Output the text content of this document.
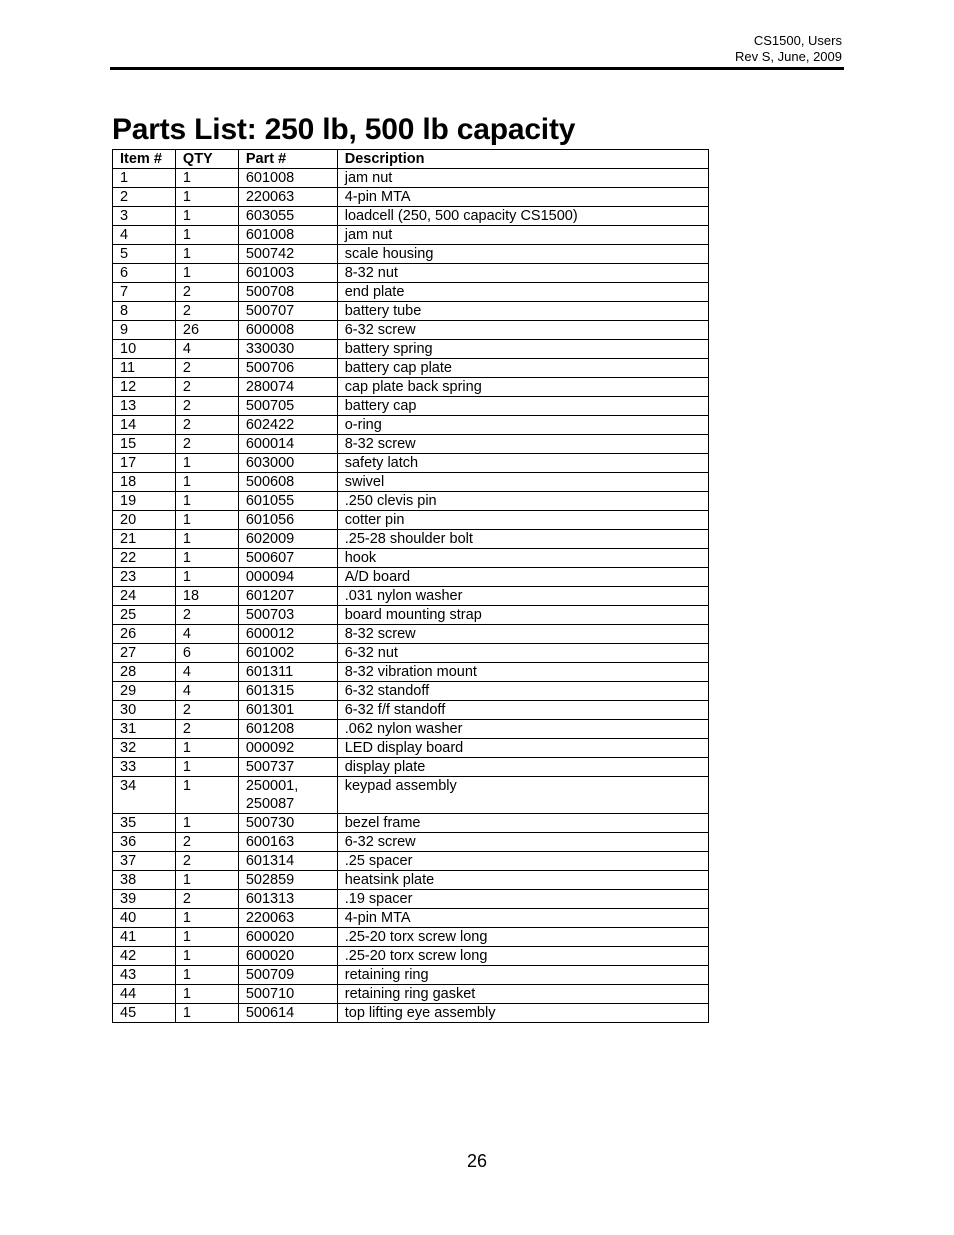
CS1500, Users
Rev S, June, 2009
Parts List: 250 lb, 500 lb capacity
Item #	QTY	Part #	Description
1	1	601008	jam nut
2	1	220063	4-pin MTA
3	1	603055	loadcell (250, 500 capacity CS1500)
4	1	601008	jam nut
5	1	500742	scale housing
6	1	601003	8-32 nut
7	2	500708	end plate
8	2	500707	battery tube
9	26	600008	6-32 screw
10	4	330030	battery spring
11	2	500706	battery cap plate
12	2	280074	cap plate back spring
13	2	500705	battery cap
14	2	602422	o-ring
15	2	600014	8-32 screw
17	1	603000	safety latch
18	1	500608	swivel
19	1	601055	.250 clevis pin
20	1	601056	cotter pin
21	1	602009	.25-28 shoulder bolt
22	1	500607	hook
23	1	000094	A/D board
24	18	601207	.031 nylon washer
25	2	500703	board mounting strap
26	4	600012	8-32 screw
27	6	601002	6-32 nut
28	4	601311	8-32 vibration mount
29	4	601315	6-32 standoff
30	2	601301	6-32 f/f standoff
31	2	601208	.062 nylon washer
32	1	000092	LED display board
33	1	500737	display plate
34	1	250001,
250087	keypad assembly
35	1	500730	bezel frame
36	2	600163	6-32 screw
37	2	601314	.25 spacer
38	1	502859	heatsink plate
39	2	601313	.19 spacer
40	1	220063	4-pin MTA
41	1	600020	.25-20 torx screw long
42	1	600020	.25-20 torx screw long
43	1	500709	retaining ring
44	1	500710	retaining ring gasket
45	1	500614	top lifting eye assembly
26
